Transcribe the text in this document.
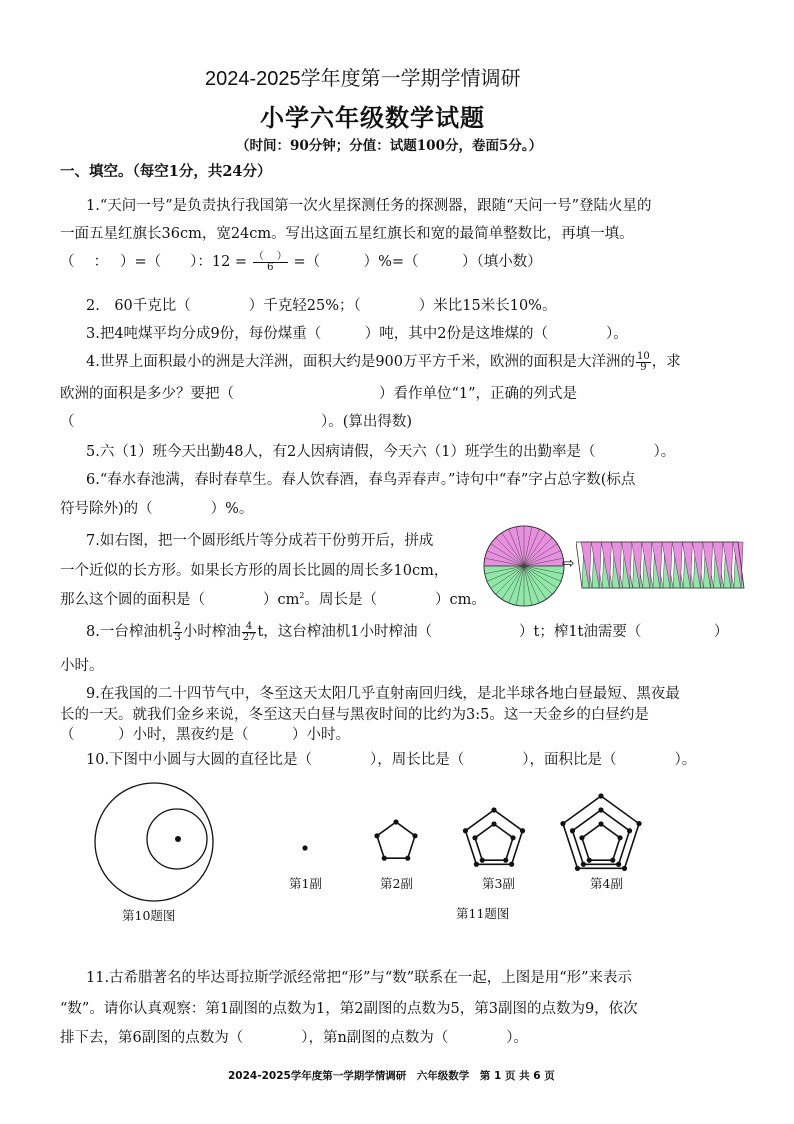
2024-2025学年度第一学期学情调研
小学六年级数学试题
（时间：90分钟；分值：试题100分，卷面5分。）
一、填空。（每空1分，共24分）
1.“天问一号”是负责执行我国第一次火星探测任务的探测器，跟随“天问一号”登陆火星的
一面五星红旗长36cm，宽24cm。写出这面五星红旗长和宽的最简单整数比，再填一填。
（　 ：　 ）=（　　）：$12 = \frac{( )}{6}$ =（　　　）%=（　　　）（填小数）
2.　60千克比（　　　　）千克轻25%；（　　　　）米比15米长10%。
3.把4吨煤平均分成9份，每份煤重（　　　）吨，其中2份是这堆煤的（　　　　）。
4.世界上面积最小的洲是大洋洲，面积大约是900万平方千米，欧洲的面积是大洋洲的 $\frac{10}{9}$ ，求
欧洲的面积是多少？要把（　　　　　　　　　　）看作单位“1”，正确的列式是
（　　　　　　　　　　　　　　　　　）。(算出得数)
5.六（1）班今天出勤48人，有2人因病请假，今天六（1）班学生的出勤率是（　　　　）。
6.“春水春池满，春时春草生。春人饮春酒，春鸟弄春声。”诗句中“春”字占总字数(标点
符号除外)的（　　　　）%。
7.如右图，把一个圆形纸片等分成若干份剪开后，拼成
一个近似的长方形。如果长方形的周长比圆的周长多10cm，
那么这个圆的面积是（　　　　）$cm^2$。周长是（　　　　）cm。
⇨
8.一台榨油机 $\frac{2}{3}$ 小时榨油 $\frac{4}{27}$ t，这台榨油机1小时榨油（　　　　　　）t；榨1t油需要（　　　　　）
小时。
9.在我国的二十四节气中，冬至这天太阳几乎直射南回归线，是北半球各地白昼最短、黑夜最
长的一天。就我们金乡来说，冬至这天白昼与黑夜时间的比约为3:5。这一天金乡的白昼约是
（　　　）小时，黑夜约是（　　　）小时。
10.下图中小圆与大圆的直径比是（　　　　），周长比是（　　　　），面积比是（　　　　）。
第10题图
第1副	第2副	第3副	第4副
第11题图
11.古希腊著名的毕达哥拉斯学派经常把“形”与“数”联系在一起，上图是用“形”来表示
“数”。请你认真观察：第1副图的点数为1，第2副图的点数为5，第3副图的点数为9，依次
排下去，第6副图的点数为（　　　　），第n副图的点数为（　　　　）。
2024-2025学年度第一学期学情调研　六年级数学　第 1 页 共 6 页
